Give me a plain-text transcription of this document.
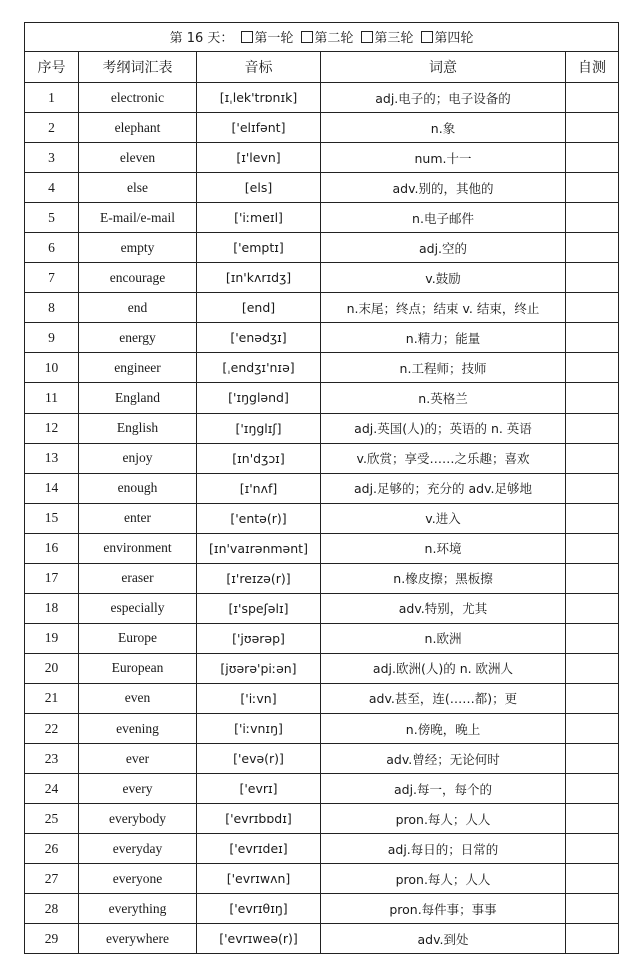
第 16 天： 第一轮 第二轮 第三轮 第四轮				
序号	考纲词汇表	音标	词意	自测
1	electronic	[ɪˌlek'trɒnɪk]	adj.电子的；电子设备的	
2	elephant	['elɪfənt]	n.象	
3	eleven	[ɪ'levn]	num.十一	
4	else	[els]	adv.别的，其他的	
5	E-mail/e-mail	['iːmeɪl]	n.电子邮件	
6	empty	['emptɪ]	adj.空的	
7	encourage	[ɪn'kʌrɪdʒ]	v.鼓励	
8	end	[end]	n.末尾；终点；结束 v. 结束，终止	
9	energy	['enədʒɪ]	n.精力；能量	
10	engineer	[ˌendʒɪ'nɪə]	n.工程师；技师	
11	England	['ɪŋglənd]	n.英格兰	
12	English	['ɪŋglɪʃ]	adj.英国(人)的；英语的 n. 英语	
13	enjoy	[ɪn'dʒɔɪ]	v.欣赏；享受……之乐趣；喜欢	
14	enough	[ɪ'nʌf]	adj.足够的；充分的 adv.足够地	
15	enter	['entə(r)]	v.进入	
16	environment	[ɪn'vaɪrənmənt]	n.环境	
17	eraser	[ɪ'reɪzə(r)]	n.橡皮擦；黑板擦	
18	especially	[ɪ'speʃəlɪ]	adv.特别，尤其	
19	Europe	['jʊərəp]	n.欧洲	
20	European	[jʊərə'piːən]	adj.欧洲(人)的 n. 欧洲人	
21	even	['iːvn]	adv.甚至，连(……都)；更	
22	evening	['iːvnɪŋ]	n.傍晚，晚上	
23	ever	['evə(r)]	adv.曾经；无论何时	
24	every	['evrɪ]	adj.每一，每个的	
25	everybody	['evrɪbɒdɪ]	pron.每人；人人	
26	everyday	['evrɪdeɪ]	adj.每日的；日常的	
27	everyone	['evrɪwʌn]	pron.每人；人人	
28	everything	['evrɪθɪŋ]	pron.每件事；事事	
29	everywhere	['evrɪweə(r)]	adv.到处	
